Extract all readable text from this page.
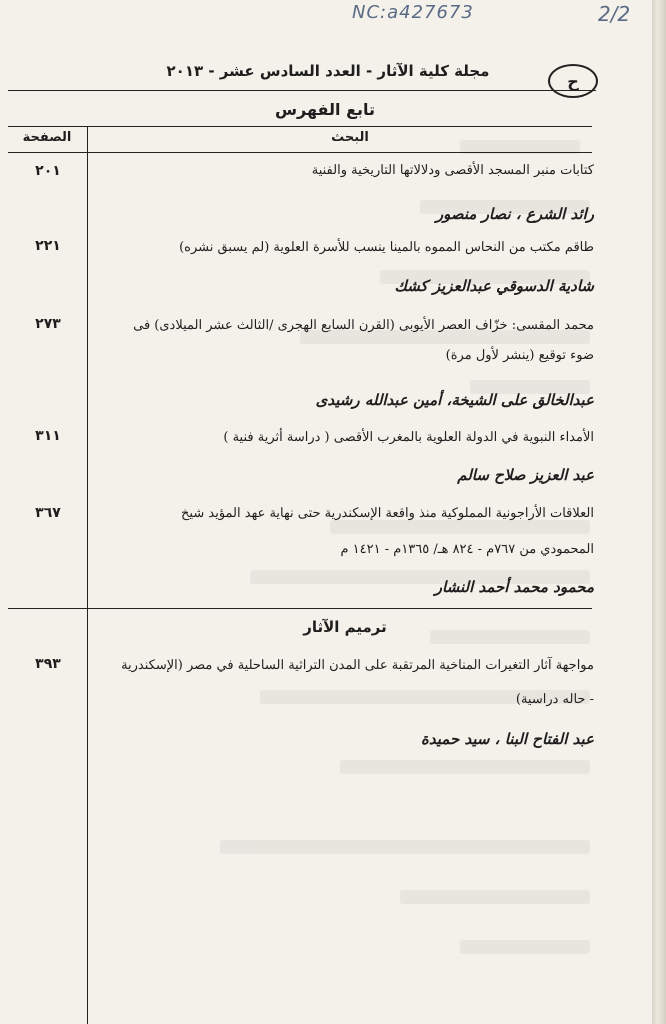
NC:a427673	2/2
مجلة كلية الآثار - العدد السادس عشر - ٢٠١٣
ح
تابع الفهرس
الصفحة	البحث
كتابات منبر المسجد الأقصى ودلالاتها التاريخية والفنية
٢٠١
رائد الشرع ، نصار منصور
طاقم مكتب من النحاس المموه بالمينا ينسب للأسرة العلوية (لم يسبق نشره)
٢٢١
شادية الدسوقي عبدالعزيز كشك
محمد المقسى: خزّاف العصر الأيوبى (القرن السابع الهجرى /الثالث عشر الميلادى) فى
ضوء توقيع (ينشر لأول مرة)
٢٧٣
عبدالخالق على الشيخة، أمين عبدالله رشيدى
الأمداء النبوية في الدولة العلوية بالمغرب الأقصى ( دراسة أثرية فنية )
٣١١
عبد العزيز صلاح سالم
العلاقات الأراجونية المملوكية منذ واقعة الإسكندرية حتى نهاية عهد المؤيد شيخ
المحمودي من ٧٦٧م - ٨٢٤ هـ/ ١٣٦٥م - ١٤٢١ م
٣٦٧
محمود محمد أحمد النشار
ترميم الآثار
مواجهة آثار التغيرات المناخية المرتقبة على المدن التراثية الساحلية في مصر (الإسكندرية
- حاله دراسية)
٣٩٣
عبد الفتاح البنا ، سيد حميدة
